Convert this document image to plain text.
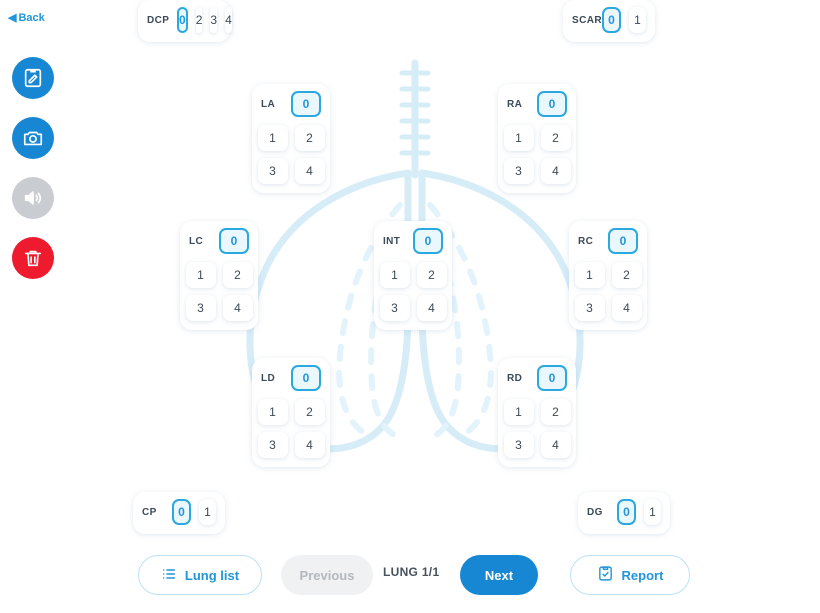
◀ Back	DCP 0 2 3 4	SCAR 0	1
LA	0
1	2
3	4
RA	0
1	2
3	4
LC	0
1	2
3	4
INT	0
1	2
3	4
RC	0
1	2
3	4
LD	0
1	2
3	4
RD	0
1	2
3	4
CP	0	1	DG	0	1
Lung list	Previous LUNG 1/1	Next	Report
